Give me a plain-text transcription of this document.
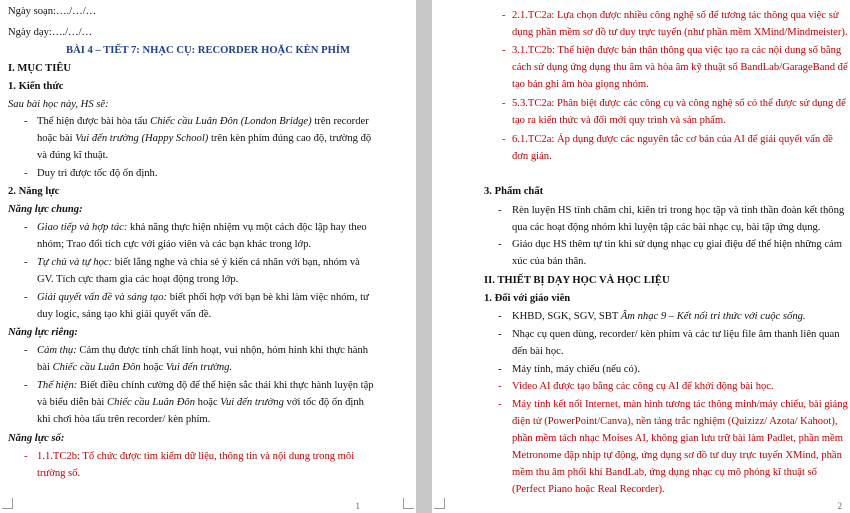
Ngày soạn:…./…/…
Ngày dạy:…./…/…
BÀI 4 – TIẾT 7: NHẠC CỤ: RECORDER HOẶC KÈN PHÍM
I. MỤC TIÊU
1. Kiến thức
Sau bài học này, HS sẽ:
- Thể hiện được bài hòa tấu Chiếc cầu Luân Đôn (London Bridge) trên recorder
hoặc bài Vui đến trường (Happy School) trên kèn phím đúng cao độ, trường độ
và đúng kĩ thuật.
- Duy trì được tốc độ ổn định.
2. Năng lực
Năng lực chung:
- Giao tiếp và hợp tác: khả năng thực hiện nhiệm vụ một cách độc lập hay theo
nhóm; Trao đổi tích cực với giáo viên và các bạn khác trong lớp.
- Tự chủ và tự học: biết lắng nghe và chia sẻ ý kiến cá nhân với bạn, nhóm và
GV. Tích cực tham gia các hoạt động trong lớp.
- Giải quyết vấn đề và sáng tạo: biết phối hợp với bạn bè khi làm việc nhóm, tư
duy logic, sáng tạo khi giải quyết vấn đề.
Năng lực riêng:
- Cảm thụ: Cảm thụ được tính chất linh hoạt, vui nhộn, hóm hỉnh khi thực hành
bài Chiếc cầu Luân Đôn hoặc Vui đến trường.
- Thể hiện: Biết điều chỉnh cường độ để thể hiện sắc thái khi thực hành luyện tập
và biểu diễn bài Chiếc cầu Luân Đôn hoặc Vui đến trường với tốc độ ổn định
khi chơi hòa tấu trên recorder/ kèn phím.
Năng lực số:
- 1.1.TC2b: Tổ chức được tìm kiếm dữ liệu, thông tin và nội dung trong môi
trường số.
1
- 2.1.TC2a: Lựa chọn được nhiều công nghệ số để tương tác thông qua việc sử
dụng phần mềm sơ đồ tư duy trực tuyến (như phần mềm XMind/Mindmeister).
- 3.1.TC2b: Thể hiện được bản thân thông qua việc tạo ra các nội dung số bằng
cách sử dụng ứng dụng thu âm và hòa âm kỹ thuật số BandLab/GarageBand để
tạo bản ghi âm hòa giọng nhóm.
- 5.3.TC2a: Phân biệt được các công cụ và công nghệ số có thể được sử dụng để
tạo ra kiến thức và đổi mới quy trình và sản phẩm.
- 6.1.TC2a: Áp dụng được các nguyên tắc cơ bản của AI để giải quyết vấn đề
đơn giản.
3. Phẩm chất
- Rèn luyện HS tính chăm chỉ, kiên trì trong học tập và tinh thần đoàn kết thông
qua các hoạt động nhóm khi luyện tập các bài nhạc cụ, bài tập ứng dụng.
- Giáo dục HS thêm tự tin khi sử dụng nhạc cụ giai điệu để thể hiện những cảm
xúc của bản thân.
II. THIẾT BỊ DẠY HỌC VÀ HỌC LIỆU
1. Đối với giáo viên
- KHBD, SGK, SGV, SBT Âm nhạc 9 – Kết nối tri thức với cuộc sống.
- Nhạc cụ quen dùng, recorder/ kèn phím và các tư liệu file âm thanh liên quan
đến bài học.
- Máy tính, máy chiếu (nếu có).
- Video AI được tạo bằng các công cụ AI để khởi động bài học.
- Máy tính kết nối Internet, màn hình tương tác thông minh/máy chiếu, bài giảng
điện tử (PowerPoint/Canva), nền tảng trắc nghiệm (Quizizz/ Azota/ Kahoot),
phần mềm tách nhạc Moises AI, không gian lưu trữ bài làm Padlet, phần mềm
Metronome đập nhịp tự động, ứng dụng sơ đồ tư duy trực tuyến XMind, phần
mềm thu âm phối khí BandLab, ứng dụng nhạc cụ mô phỏng kĩ thuật số
(Perfect Piano hoặc Real Recorder).
2
